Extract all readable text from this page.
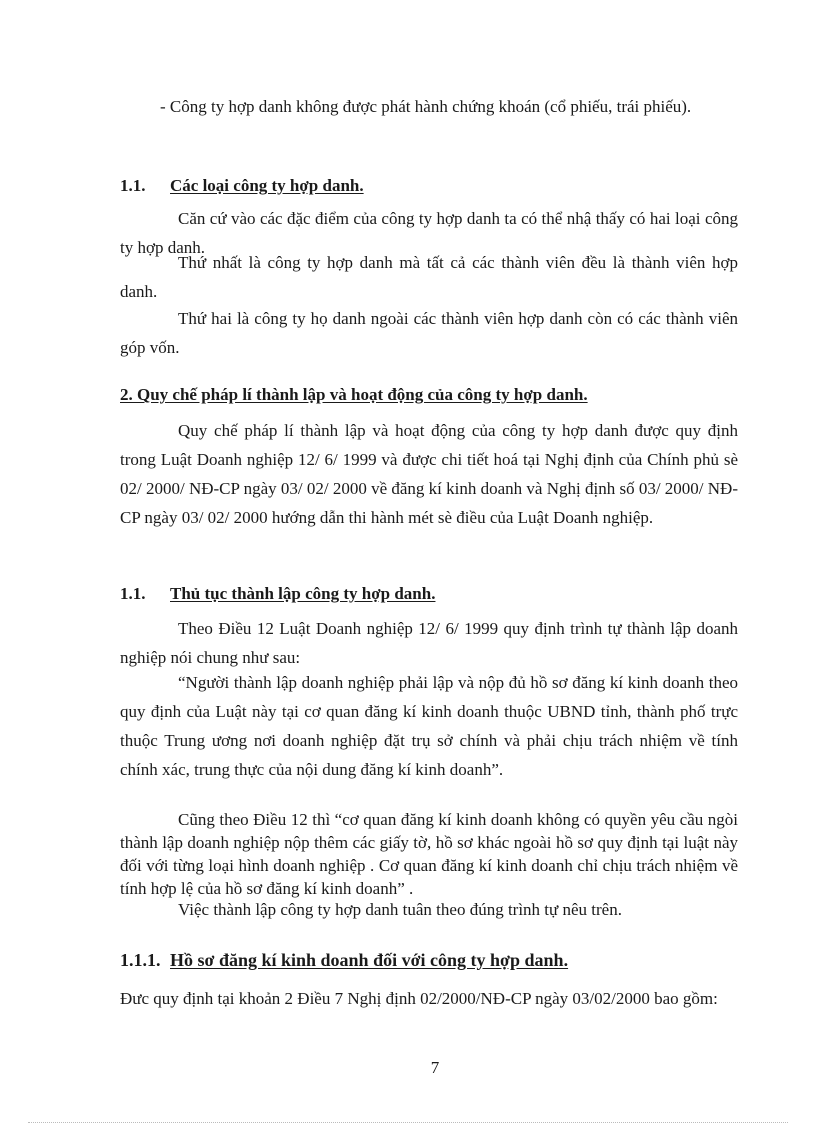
- Công ty hợp danh không được phát hành chứng khoán (cổ phiếu, trái phiếu).

1.1. Các loại công ty hợp danh.

Căn cứ vào các đặc điểm của công ty hợp danh ta có thể nhậ thấy có hai loại công ty hợp danh.

Thứ nhất là công ty hợp danh mà tất cả các thành viên đều là thành viên hợp danh.

Thứ hai là công ty họ danh ngoài các thành viên hợp danh còn có các thành viên góp vốn.

2. Quy chế pháp lí thành lập và hoạt động của công ty hợp danh.

Quy chế pháp lí thành lập và hoạt động của công ty hợp danh được quy định trong Luật Doanh nghiệp 12/ 6/ 1999 và được chi tiết hoá tại Nghị định của Chính phủ sè 02/ 2000/ NĐ-CP ngày 03/ 02/ 2000 về đăng kí kinh doanh và Nghị định số 03/ 2000/ NĐ-CP ngày 03/ 02/ 2000 hướng dẫn thi hành mét sè điều của Luật Doanh nghiệp.

1.1. Thủ tục thành lập công ty hợp danh.

Theo Điều 12 Luật Doanh nghiệp 12/ 6/ 1999 quy định trình tự thành lập doanh nghiệp nói chung như sau:

“Người thành lập doanh nghiệp phải lập và nộp đủ hồ sơ đăng kí kinh doanh theo quy định của Luật này tại cơ quan đăng kí kinh doanh thuộc UBND tỉnh, thành phố trực thuộc Trung ương nơi doanh nghiệp đặt trụ sở chính và phải chịu trách nhiệm về tính chính xác, trung thực của nội dung đăng kí kinh doanh”.

Cũng theo Điều 12 thì “cơ quan đăng kí kinh doanh không có quyền yêu cầu ngòi thành lập doanh nghiệp nộp thêm các giấy tờ, hồ sơ khác ngoài hồ sơ quy định tại luật này đối với từng loại hình doanh nghiệp . Cơ quan đăng kí kinh doanh chỉ chịu trách nhiệm về tính hợp lệ của hồ sơ đăng kí kinh doanh” .

Việc thành lập công ty hợp danh tuân theo đúng trình tự nêu trên.

1.1.1. Hồ sơ đăng kí kinh doanh đối với công ty hợp danh.

Đưc quy định tại khoản 2 Điều 7 Nghị định 02/2000/NĐ-CP ngày 03/02/2000 bao gồm:

7
